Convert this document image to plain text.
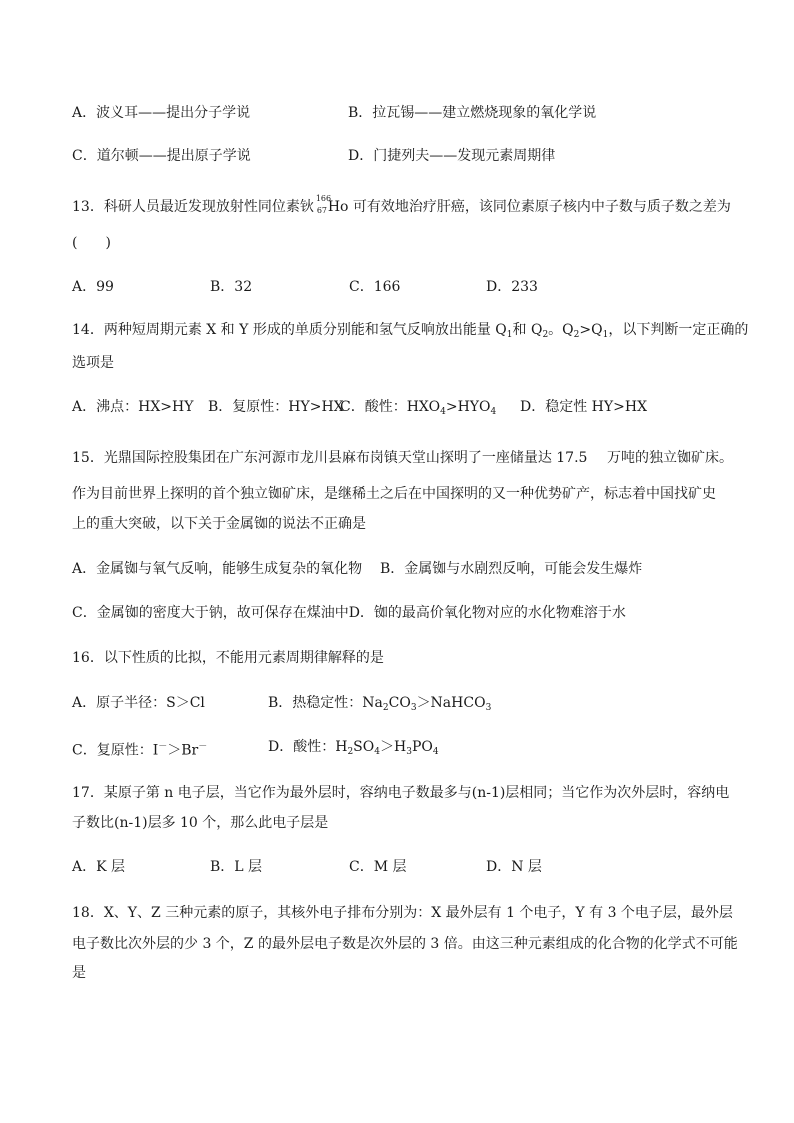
A．波义耳——提出分子学说	B．拉瓦锡——建立燃烧现象的氧化学说
C．道尔顿——提出原子学说	D．门捷列夫——发现元素周期律
13．科研人员最近发现放射性同位素钬
166
67 Ho 可有效地治疗肝癌，该同位素原子核内中子数与质子数之差为
(　　)
A．99	B．32	C．166	D．233
14．两种短周期元素 X 和 Y 形成的单质分别能和氢气反响放出能量 $Q_1$和 $Q_2$。$Q_2>Q_1$，以下判断一定正确的
选项是
A．沸点：HX>HY B．复原性：HY>HX
C．酸性：$HXO_4>HYO_4$ D．稳定性 HY>HX
15．光鼎国际控股集团在广东河源市龙川县麻布岗镇天堂山探明了一座储量达 17.5 万吨的独立铷矿床。
作为目前世界上探明的首个独立铷矿床，是继稀土之后在中国探明的又一种优势矿产，标志着中国找矿史
上的重大突破，以下关于金属铷的说法不正确是
A．金属铷与氧气反响，能够生成复杂的氧化物 B．金属铷与水剧烈反响，可能会发生爆炸
C．金属铷的密度大于钠，故可保存在煤油中D．铷的最高价氧化物对应的水化物难溶于水
16．以下性质的比拟，不能用元素周期律解释的是
A．原子半径：S＞Cl	B．热稳定性：$Na_2CO_3>NaHCO_3$
C．复原性：I－＞Br－	D．酸性：$H_2SO_4>H_3PO_4$
17．某原子第 n 电子层，当它作为最外层时，容纳电子数最多与(n-1)层相同；当它作为次外层时，容纳电
子数比(n-1)层多 10 个，那么此电子层是
A．K 层	B．L 层	C．M 层	D．N 层
18．X、Y、Z 三种元素的原子，其核外电子排布分别为：X 最外层有 1 个电子，Y 有 3 个电子层，最外层
电子数比次外层的少 3 个，Z 的最外层电子数是次外层的 3 倍。由这三种元素组成的化合物的化学式不可能
是
